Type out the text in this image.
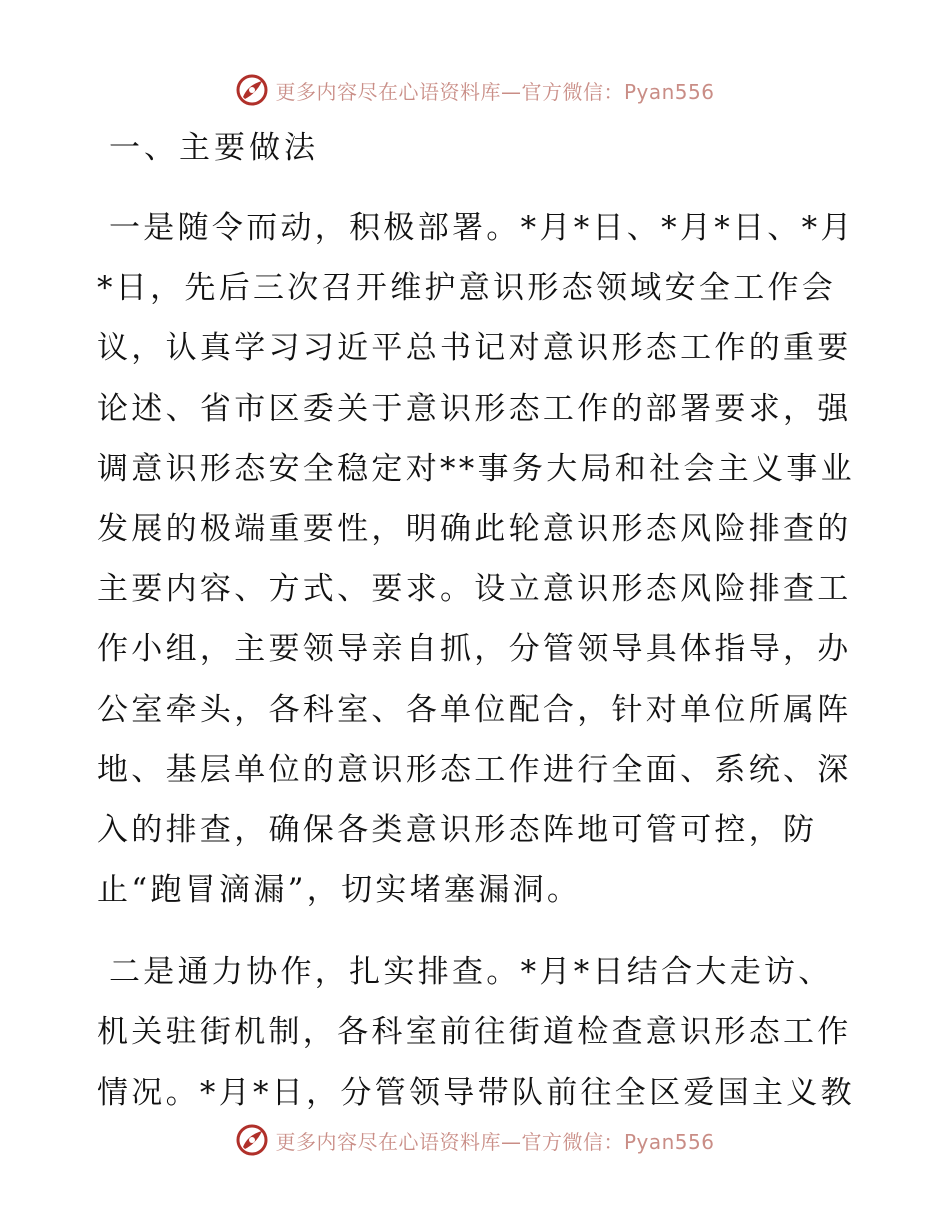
更多内容尽在心语资料库—官方微信：Pyan556
一、主要做法
一是随令而动，积极部署。*月*日、*月*日、*月
*日，先后三次召开维护意识形态领域安全工作会
议，认真学习习近平总书记对意识形态工作的重要
论述、省市区委关于意识形态工作的部署要求，强
调意识形态安全稳定对**事务大局和社会主义事业
发展的极端重要性，明确此轮意识形态风险排查的
主要内容、方式、要求。设立意识形态风险排查工
作小组，主要领导亲自抓，分管领导具体指导，办
公室牵头，各科室、各单位配合，针对单位所属阵
地、基层单位的意识形态工作进行全面、系统、深
入的排查，确保各类意识形态阵地可管可控，防
止“跑冒滴漏”，切实堵塞漏洞。
二是通力协作，扎实排查。*月*日结合大走访、
机关驻街机制，各科室前往街道检查意识形态工作
情况。*月*日，分管领导带队前往全区爱国主义教
更多内容尽在心语资料库—官方微信：Pyan556
